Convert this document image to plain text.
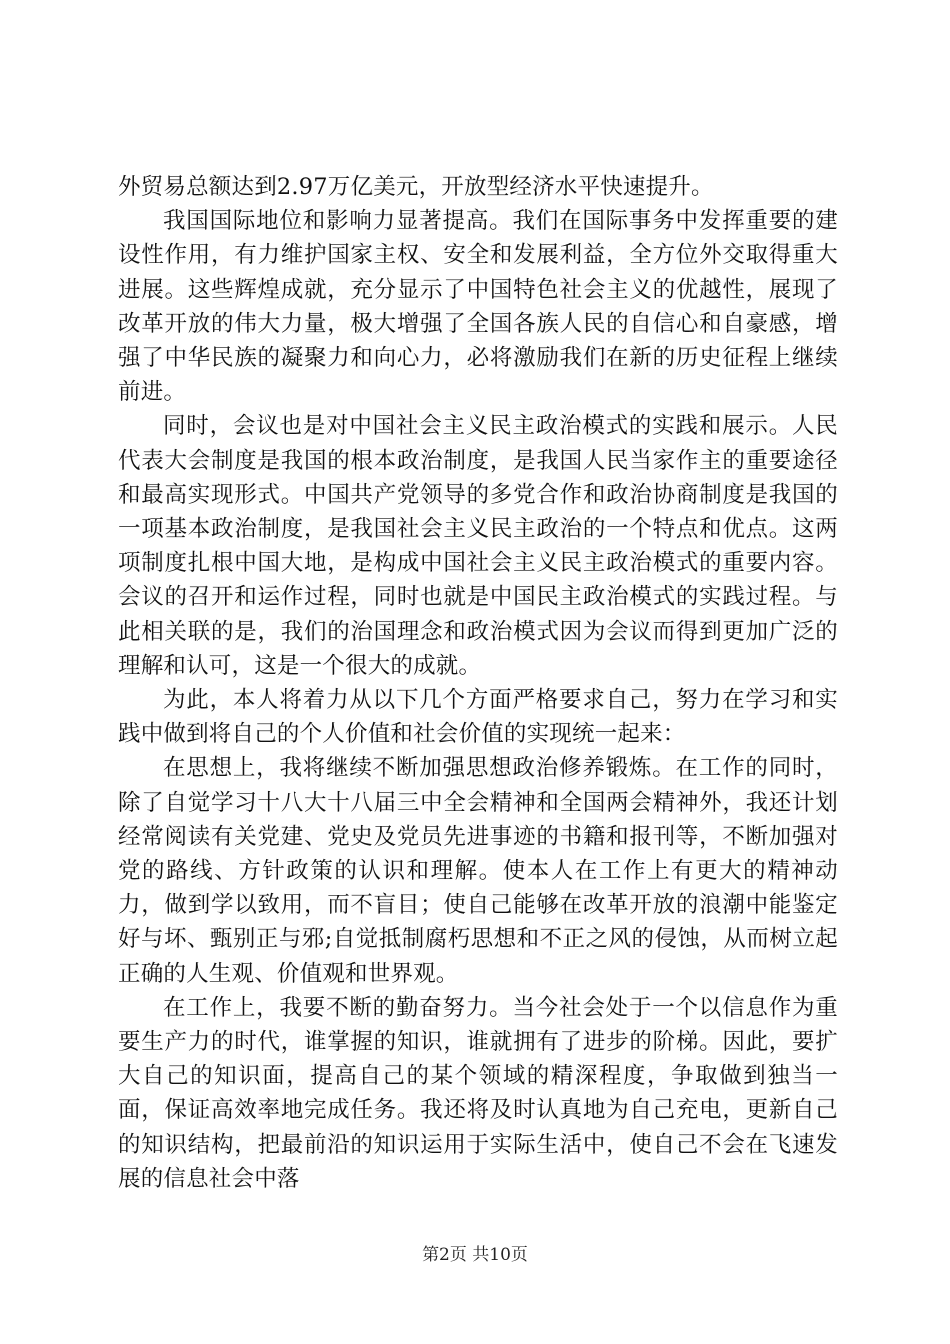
外贸易总额达到2.97万亿美元，开放型经济水平快速提升。

我国国际地位和影响力显著提高。我们在国际事务中发挥重要的建设性作用，有力维护国家主权、安全和发展利益，全方位外交取得重大进展。这些辉煌成就，充分显示了中国特色社会主义的优越性，展现了改革开放的伟大力量，极大增强了全国各族人民的自信心和自豪感，增强了中华民族的凝聚力和向心力，必将激励我们在新的历史征程上继续前进。

同时，会议也是对中国社会主义民主政治模式的实践和展示。人民代表大会制度是我国的根本政治制度，是我国人民当家作主的重要途径和最高实现形式。中国共产党领导的多党合作和政治协商制度是我国的一项基本政治制度，是我国社会主义民主政治的一个特点和优点。这两项制度扎根中国大地，是构成中国社会主义民主政治模式的重要内容。会议的召开和运作过程，同时也就是中国民主政治模式的实践过程。与此相关联的是，我们的治国理念和政治模式因为会议而得到更加广泛的理解和认可，这是一个很大的成就。

为此，本人将着力从以下几个方面严格要求自己，努力在学习和实践中做到将自己的个人价值和社会价值的实现统一起来：

在思想上，我将继续不断加强思想政治修养锻炼。在工作的同时，除了自觉学习十八大十八届三中全会精神和全国两会精神外，我还计划经常阅读有关党建、党史及党员先进事迹的书籍和报刊等，不断加强对党的路线、方针政策的认识和理解。使本人在工作上有更大的精神动力，做到学以致用，而不盲目；使自己能够在改革开放的浪潮中能鉴定好与坏、甄别正与邪;自觉抵制腐朽思想和不正之风的侵蚀，从而树立起正确的人生观、价值观和世界观。

在工作上，我要不断的勤奋努力。当今社会处于一个以信息作为重要生产力的时代，谁掌握的知识，谁就拥有了进步的阶梯。因此，要扩大自己的知识面，提高自己的某个领域的精深程度，争取做到独当一面，保证高效率地完成任务。我还将及时认真地为自己充电，更新自己的知识结构，把最前沿的知识运用于实际生活中，使自己不会在飞速发展的信息社会中落

第2页 共10页
